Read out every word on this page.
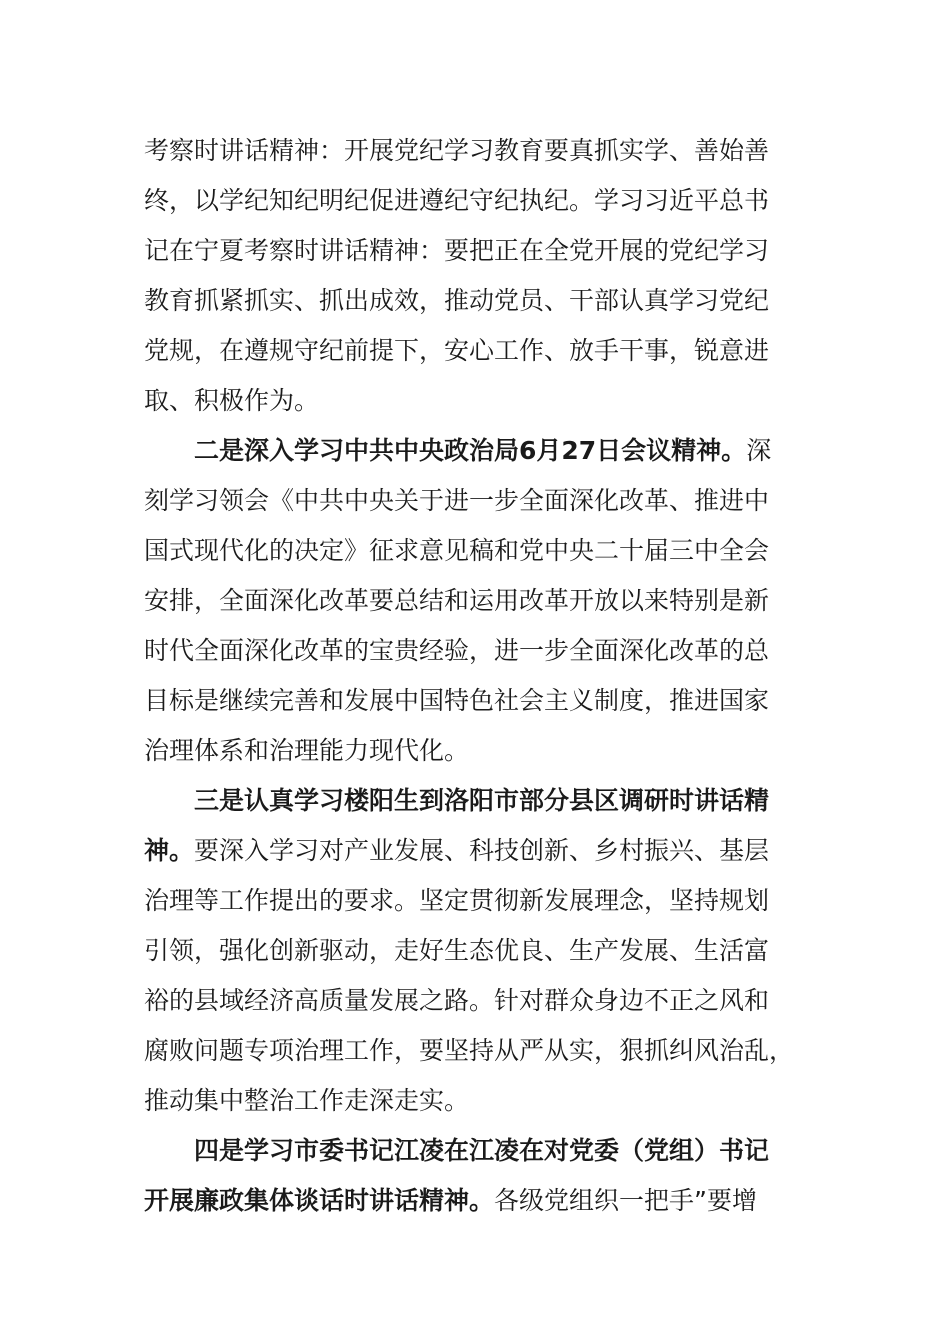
考察时讲话精神：开展党纪学习教育要真抓实学、善始善
终，以学纪知纪明纪促进遵纪守纪执纪。学习习近平总书
记在宁夏考察时讲话精神：要把正在全党开展的党纪学习
教育抓紧抓实、抓出成效，推动党员、干部认真学习党纪
党规，在遵规守纪前提下，安心工作、放手干事，锐意进
取、积极作为。
二是深入学习中共中央政治局6月27日会议精神。深
刻学习领会《中共中央关于进一步全面深化改革、推进中
国式现代化的决定》征求意见稿和党中央二十届三中全会
安排，全面深化改革要总结和运用改革开放以来特别是新
时代全面深化改革的宝贵经验，进一步全面深化改革的总
目标是继续完善和发展中国特色社会主义制度，推进国家
治理体系和治理能力现代化。
三是认真学习楼阳生到洛阳市部分县区调研时讲话精
神。要深入学习对产业发展、科技创新、乡村振兴、基层
治理等工作提出的要求。坚定贯彻新发展理念，坚持规划
引领，强化创新驱动，走好生态优良、生产发展、生活富
裕的县域经济高质量发展之路。针对群众身边不正之风和
腐败问题专项治理工作，要坚持从严从实，狠抓纠风治乱，
推动集中整治工作走深走实。
四是学习市委书记江凌在江凌在对党委（党组）书记
开展廉政集体谈话时讲话精神。各级党组织一把手”要增
